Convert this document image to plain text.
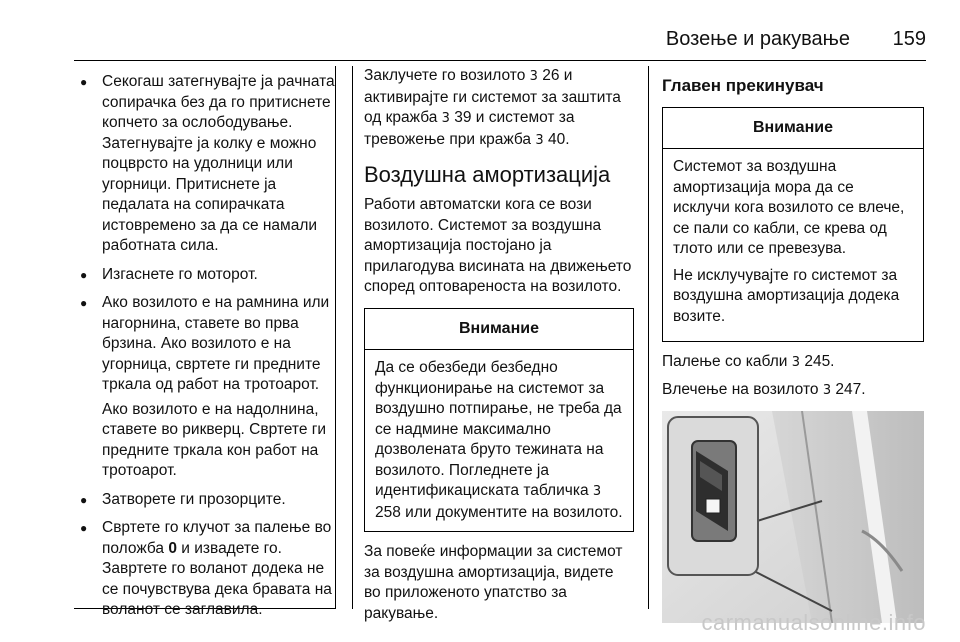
Возење и ракување 159
● Секогаш затегнувајте ја рачната сопирачка без да го притиснете копчето за ослободување. Затегнувајте ја колку е можно поцврсто на удолници или угорници. Притиснете ја педалата на сопирачката истовремено за да се намали работната сила.
● Изгаснете го моторот.
● Ако возилото е на рамнина или нагорнина, ставете во прва брзина. Ако возилото е на угорница, свртете ги предните тркала од работ на тротоарот.
Ако возилото е на надолнина, ставете во рикверц. Свртете ги предните тркала кон работ на тротоарот.
● Затворете ги прозорците.
● Свртете го клучот за палење во положба 0 и извадете го. Завртете го воланот додека не се почувствува дека бравата на воланот се заглавила.

Заклучете го возилото 3 26 и активирајте ги системот за заштита од кражба 3 39 и системот за тревожење при кражба 3 40.

Воздушна амортизација

Работи автоматски кога се вози возилото. Системот за воздушна амортизација постојано ја прилагодува висината на движењето според оптовареноста на возилото.

Внимание
Да се обезбеди безбедно функционирање на системот за воздушно потпирање, не треба да се надмине максимално дозволената бруто тежината на возилото. Погледнете ја идентификациската табличка 3 258 или документите на возилото.

За повеќе информации за системот за воздушна амортизација, видете во приложеното упатство за ракување.

Главен прекинувач
Внимание

Системот за воздушна амортизација мора да се исклучи кога возилото се влече, се пали со кабли, се крева од тлото или се превезува.

Не исклучувајте го системот за воздушна амортизација додека возите.

Палење со кабли 3 245.

Влечење на возилото 3 247.

carmanualsonline.info
